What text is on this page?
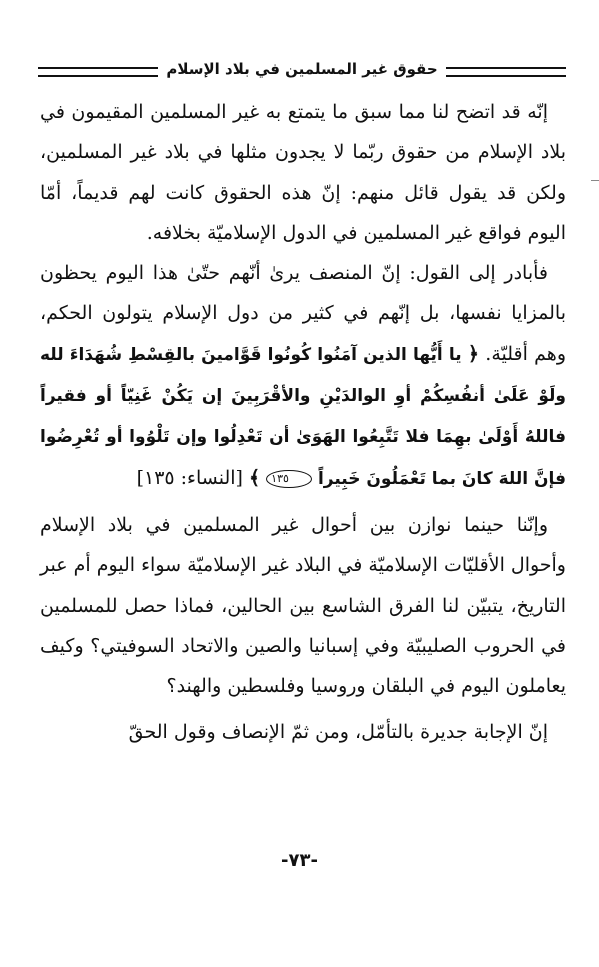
حقوق غير المسلمين في بلاد الإسلام

إنّه قد اتضح لنا مما سبق ما يتمتع به غير المسلمين المقيمون في بلاد الإسلام من حقوق ربّما لا يجدون مثلها في بلاد غير المسلمين، ولكن قد يقول قائل منهم: إنّ هذه الحقوق كانت لهم قديماً، أمّا اليوم فواقع غير المسلمين في الدول الإسلاميّة بخلافه.

فأبادر إلى القول: إنّ المنصف يرىٰ أنّهم حتّىٰ هذا اليوم يحظون بالمزايا نفسها، بل إنّهم في كثير من دول الإسلام يتولون الحكم، وهم أقليّة. ﴿ يا أَيُّها الذين آمَنُوا كُونُوا قَوَّامينَ بالقِسْطِ شُهَدَاءَ لله ولَوْ عَلَىٰ أنفُسِكُمْ أوِ الوالدَيْنِ والأقْرَبِينَ إن يَكُنْ غَنِيّاً أو فقيراً فاللهُ أَوْلَىٰ بهِمَا فلا تَتَّبِعُوا الهَوَىٰ أن تَعْدِلُوا وإن تَلْوُوا أو تُعْرِضُوا فإنَّ اللهَ كانَ بما تَعْمَلُونَ خَبِيراً ١٣٥ ﴾ [النساء: ١٣٥]

وإنّنا حينما نوازن بين أحوال غير المسلمين في بلاد الإسلام وأحوال الأقليّات الإسلاميّة في البلاد غير الإسلاميّة سواء اليوم أم عبر التاريخ، يتبيّن لنا الفرق الشاسع بين الحالين، فماذا حصل للمسلمين في الحروب الصليبيّة وفي إسبانيا والصين والاتحاد السوفيتي؟ وكيف يعاملون اليوم في البلقان وروسيا وفلسطين والهند؟

إنّ الإجابة جديرة بالتأمّل، ومن ثمّ الإنصاف وقول الحقّ

-٧٣-
